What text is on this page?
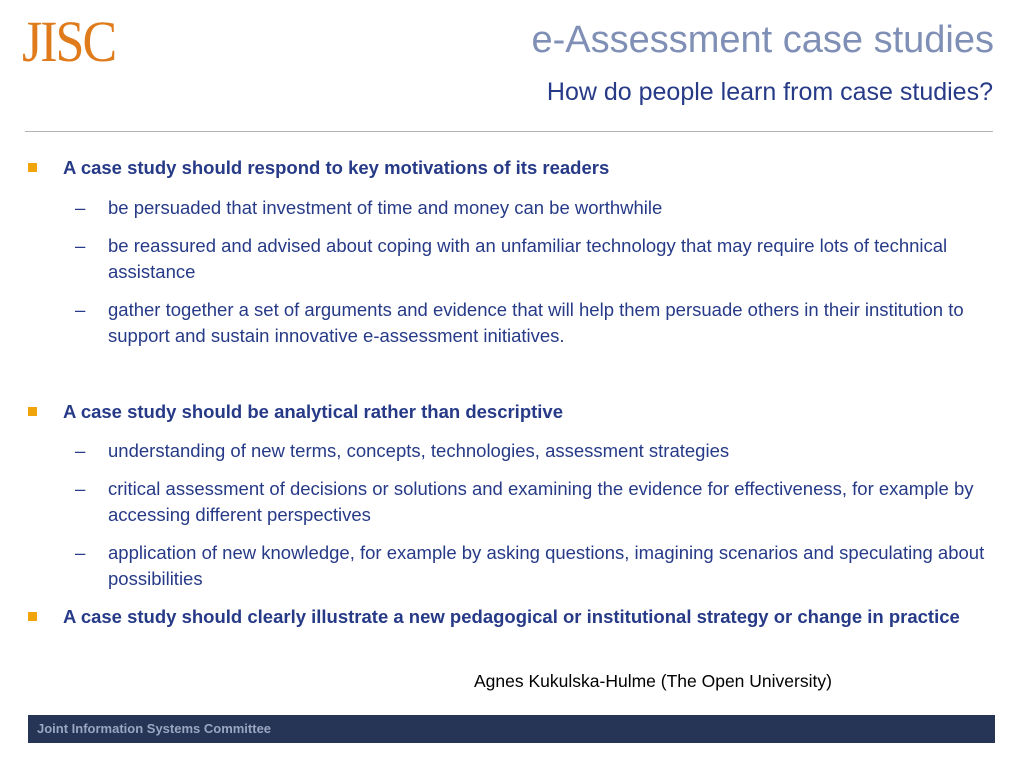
JISC	e-Assessment case studies
How do people learn from case studies?
A case study should respond to key motivations of its readers
– be persuaded that investment of time and money can be worthwhile
– be reassured and advised about coping with an unfamiliar technology that may require lots of technical assistance
– gather together a set of arguments and evidence that will help them persuade others in their institution to support and sustain innovative e-assessment initiatives.
A case study should be analytical rather than descriptive
– understanding of new terms, concepts, technologies, assessment strategies
– critical assessment of decisions or solutions and examining the evidence for effectiveness, for example by accessing different perspectives
– application of new knowledge, for example by asking questions, imagining scenarios and speculating about possibilities
A case study should clearly illustrate a new pedagogical or institutional strategy or change in practice
Agnes Kukulska-Hulme (The Open University)
Joint Information Systems Committee
